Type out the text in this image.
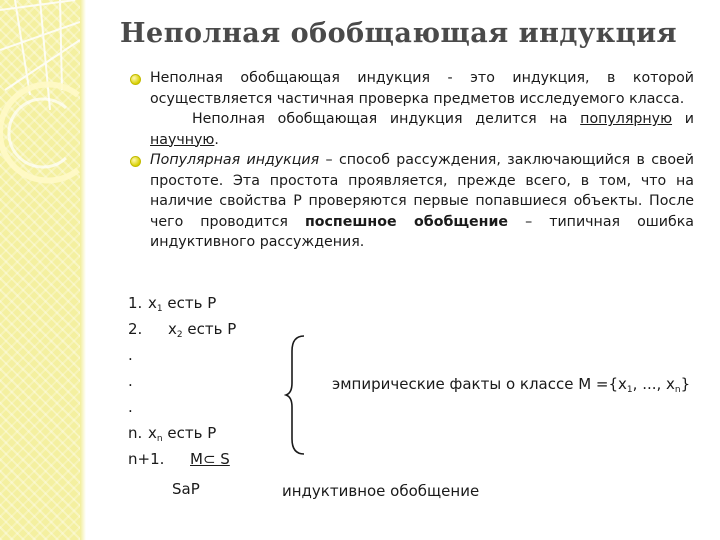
Неполная обобщающая индукция
Неполная обобщающая индукция - это индукция, в которой осуществляется частичная проверка предметов исследуемого класса.
Неполная обобщающая индукция делится на популярную и научную.
Популярная индукция – способ рассуждения, заключающийся в своей простоте. Эта простота проявляется, прежде всего, в том, что на наличие свойства Р проверяются первые попавшиеся объекты. После чего проводится поспешное обобщение – типичная ошибка индуктивного рассуждения.
1. $х_1$ есть Р
2. $х_2$ есть Р
.
.
.
n. $х_n$ есть Р
n+1. М⊂ S
SaP
эмпирические факты о классе $М =\{х_1$, ..., $х_n$}
индуктивное обобщение
